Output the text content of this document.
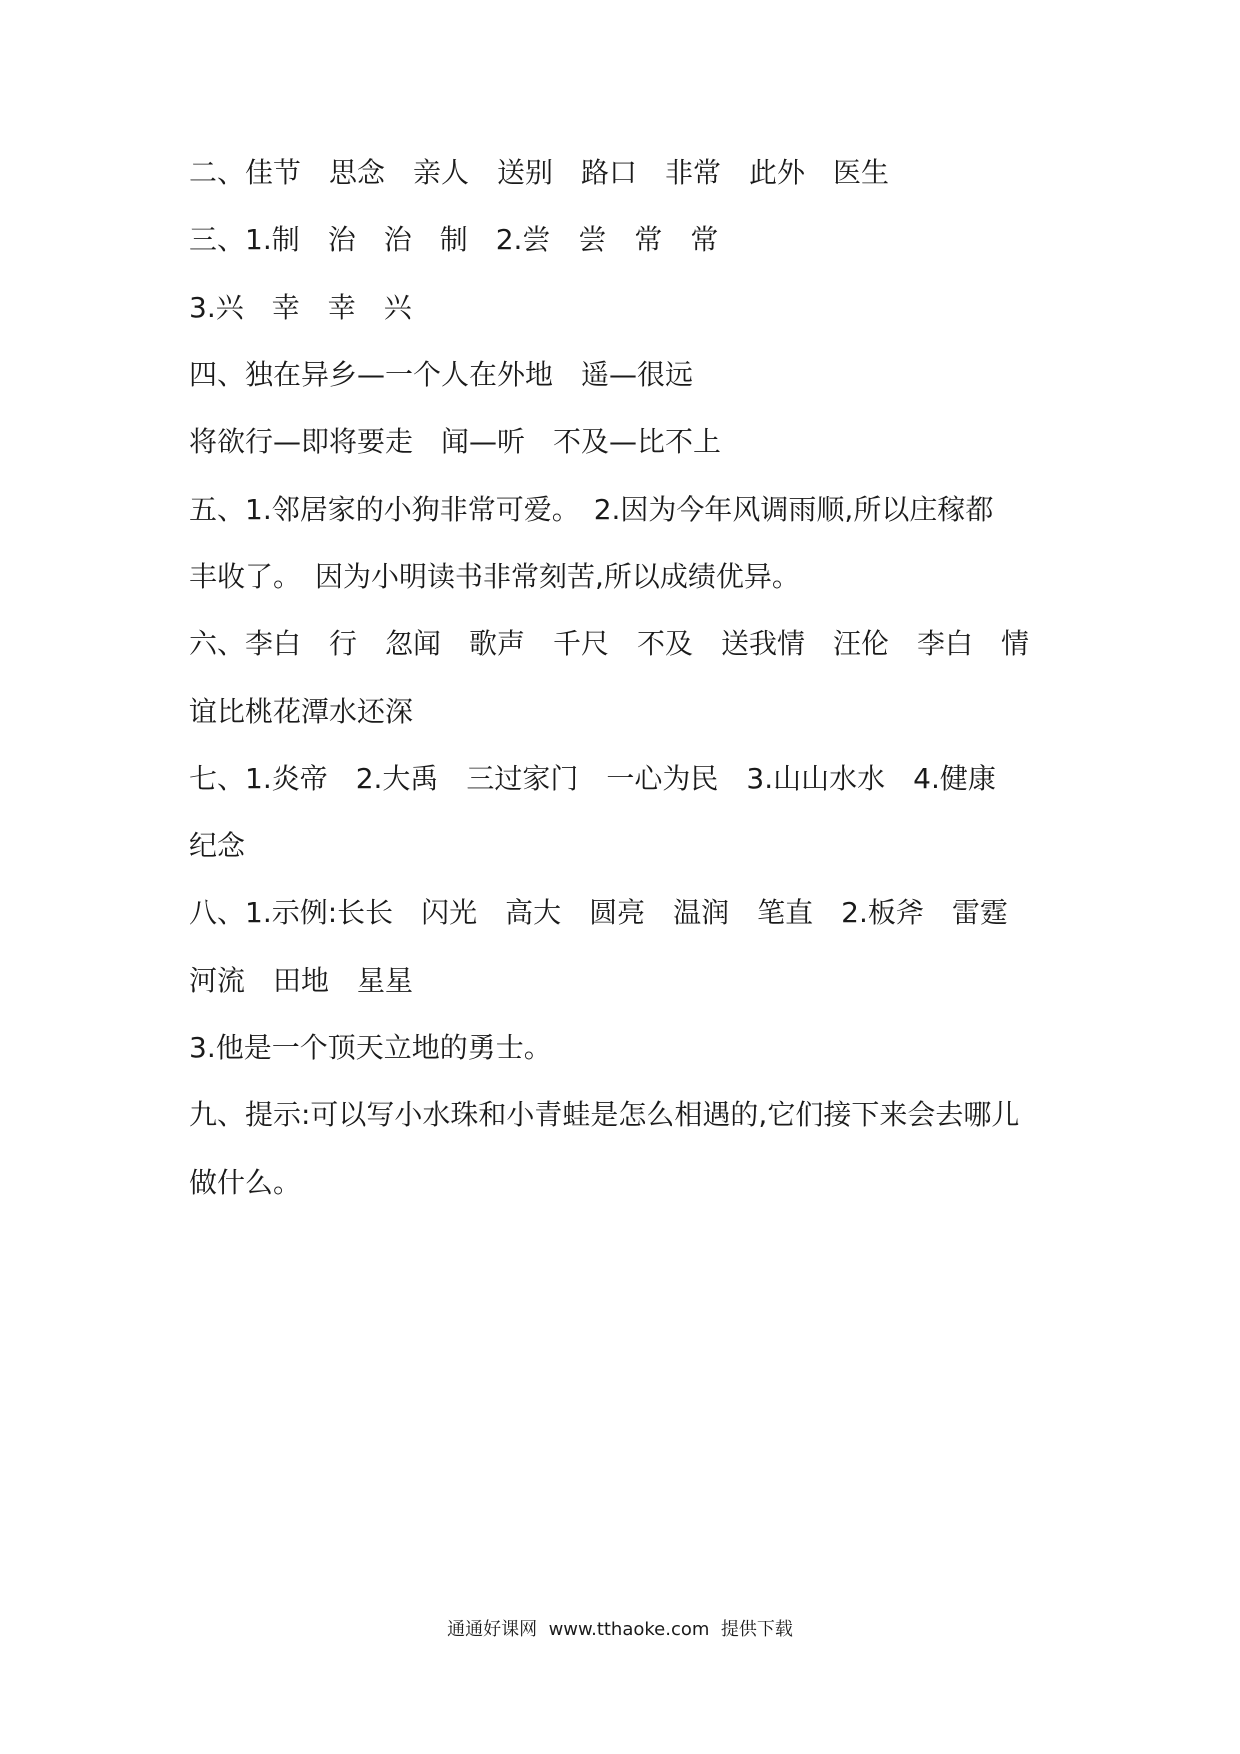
二、佳节　思念　亲人　送别　路口　非常　此外　医生
三、1.制　治　治　制　2.尝　尝　常　常
3.兴　幸　幸　兴
四、独在异乡—一个人在外地　遥—很远
将欲行—即将要走　闻—听　不及—比不上
五、1.邻居家的小狗非常可爱。　2.因为今年风调雨顺,所以庄稼都
丰收了。　因为小明读书非常刻苦,所以成绩优异。
六、李白　行　忽闻　歌声　千尺　不及　送我情　汪伦　李白　情
谊比桃花潭水还深
七、1.炎帝　2.大禹　三过家门　一心为民　3.山山水水　4.健康
纪念
八、1.示例:长长　闪光　高大　圆亮　温润　笔直　2.板斧　雷霆
河流　田地　星星
3.他是一个顶天立地的勇士。
九、提示:可以写小水珠和小青蛙是怎么相遇的,它们接下来会去哪儿
做什么。
通通好课网  www.tthaoke.com  提供下载
